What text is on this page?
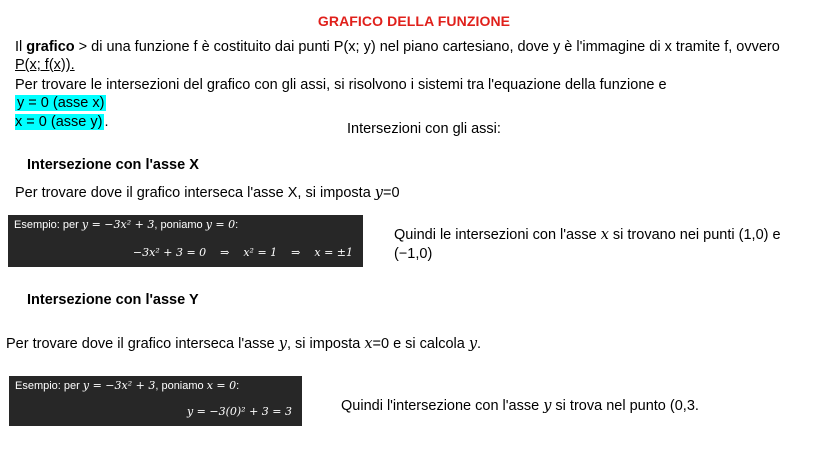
GRAFICO DELLA FUNZIONE
Il grafico > di una funzione f è costituito dai punti P(x; y) nel piano cartesiano, dove y è l'immagine di x tramite f, ovvero
P(x; f(x)).
Per trovare le intersezioni del grafico con gli assi, si risolvono i sistemi tra l'equazione della funzione e
y = 0 (asse x)
x = 0 (asse y) .	Intersezioni con gli assi:
Intersezione con l'asse X
Per trovare dove il grafico interseca l'asse X, si imposta y=0
Esempio: per y = −3x² + 3, poniamo y = 0:
−3x² + 3 = 0    ⇒    x² = 1    ⇒    x = ±1
Quindi le intersezioni con l'asse x si trovano nei punti (1,0) e
(−1,0)
Intersezione con l'asse Y
Per trovare dove il grafico interseca l'asse y, si imposta x=0 e si calcola y.
Esempio: per y = −3x² + 3, poniamo x = 0:
y = −3(0)² + 3 = 3	Quindi l'intersezione con l'asse y si trova nel punto (0,3.
